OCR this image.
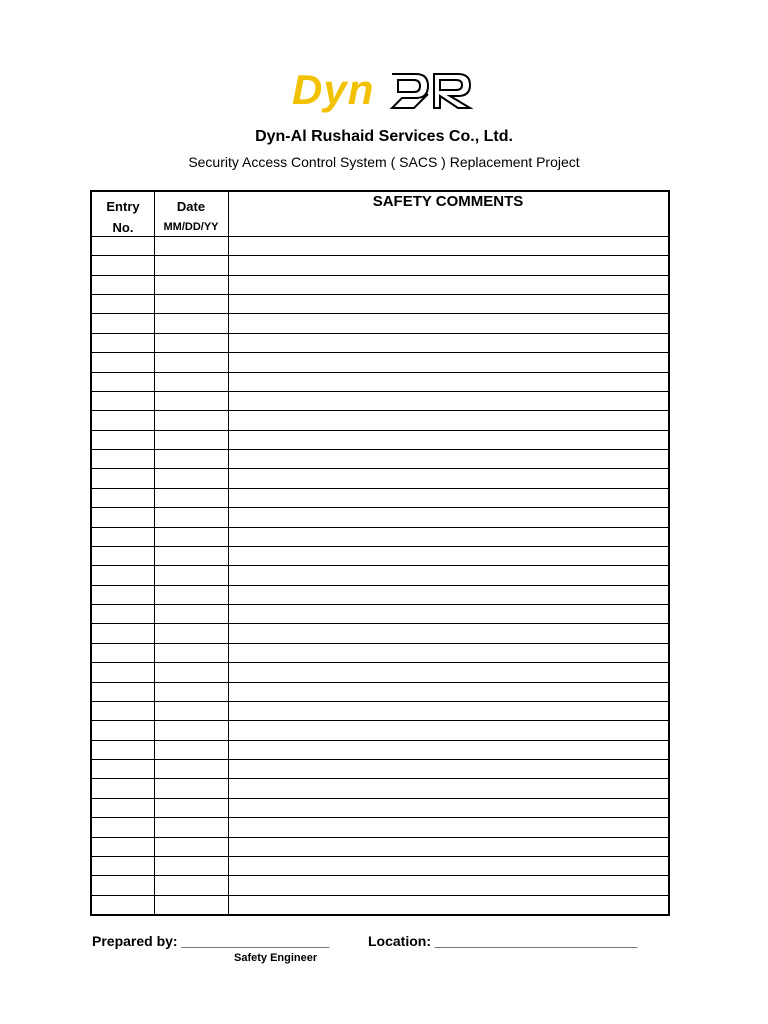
Dyn
Dyn-Al Rushaid Services Co., Ltd.
Security Access Control System ( SACS ) Replacement Project
Entry
No.
Date
MM/DD/YY
SAFETY COMMENTS
Prepared by: ___________________	Location: __________________________
Safety Engineer
